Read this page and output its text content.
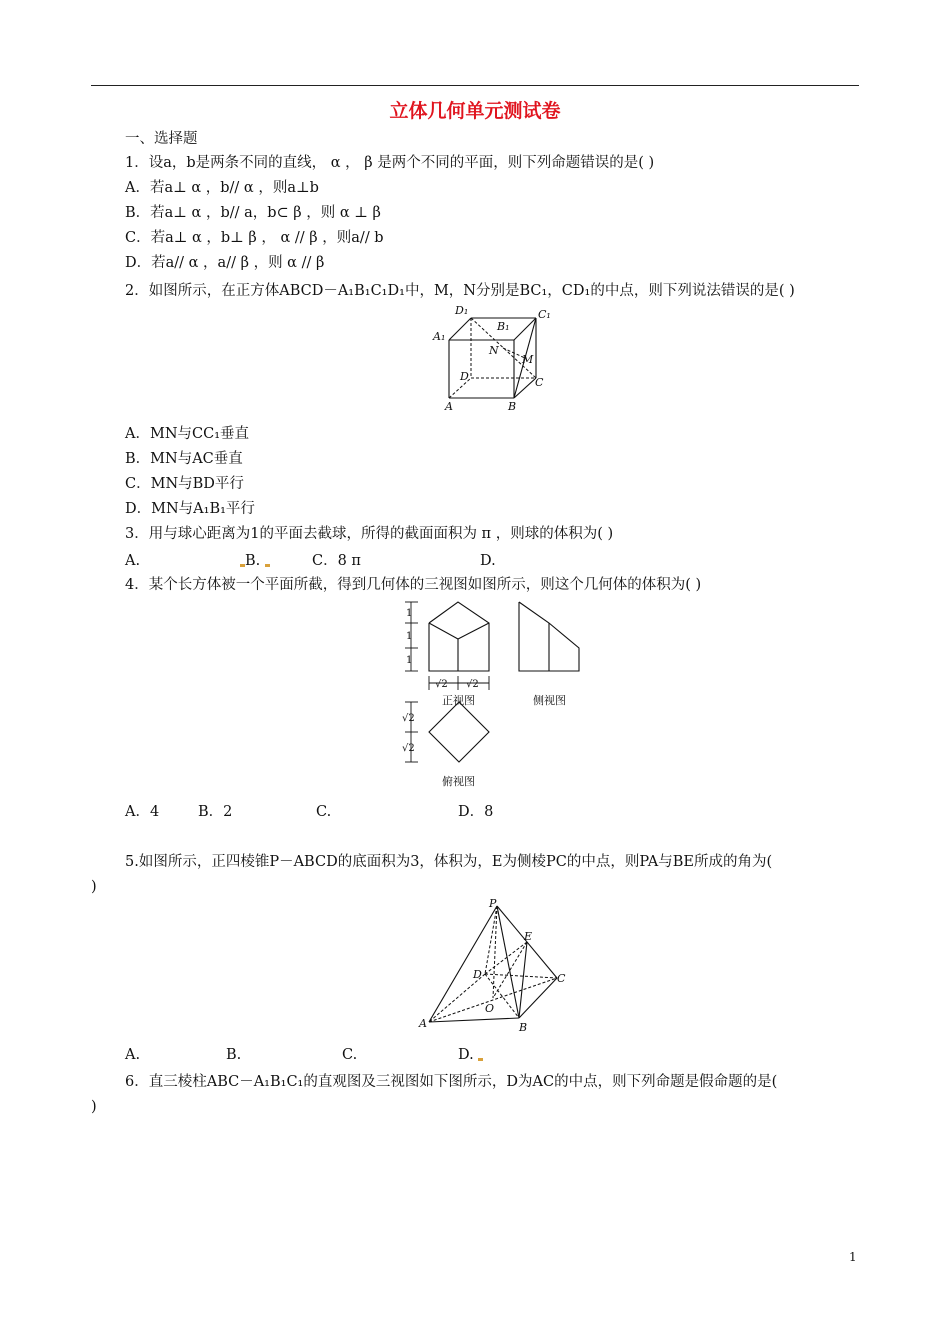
立体几何单元测试卷
一、选择题
1．设a，b是两条不同的直线， α ， β 是两个不同的平面，则下列命题错误的是( )
A．若a⊥ α ，b// α ，则a⊥b
B．若a⊥ α ，b// a，b⊂ β ，则 α ⊥ β
C．若a⊥ α ，b⊥ β ， α // β ，则a// b
D．若a// α ，a// β ，则 α // β
2．如图所示，在正方体ABCD－A₁B₁C₁D₁中，M，N分别是BC₁，CD₁的中点，则下列说法错误的是( )
D₁
B₁
C₁
A₁
N
M
D	C
A	B
A．MN与CC₁垂直
B．MN与AC垂直
C．MN与BD平行
D．MN与A₁B₁平行
3．用与球心距离为1的平面去截球，所得的截面面积为 π ，则球的体积为( )
A.	B.	C．8 π	D.
4．某个长方体被一个平面所截，得到几何体的三视图如图所示，则这个几何体的体积为( )
1
1
1
√2 √2
√2
√2
正视图	侧视图
俯视图
A．4	B．2	C.	D．8
5.如图所示，正四棱锥P－ABCD的底面积为3，体积为，E为侧棱PC的中点，则PA与BE所成的角为(
)
P
E
D	C
O
A	B
A.	B.	C.	D.
6．直三棱柱ABC－A₁B₁C₁的直观图及三视图如下图所示，D为AC的中点，则下列命题是假命题的是(
)
1
